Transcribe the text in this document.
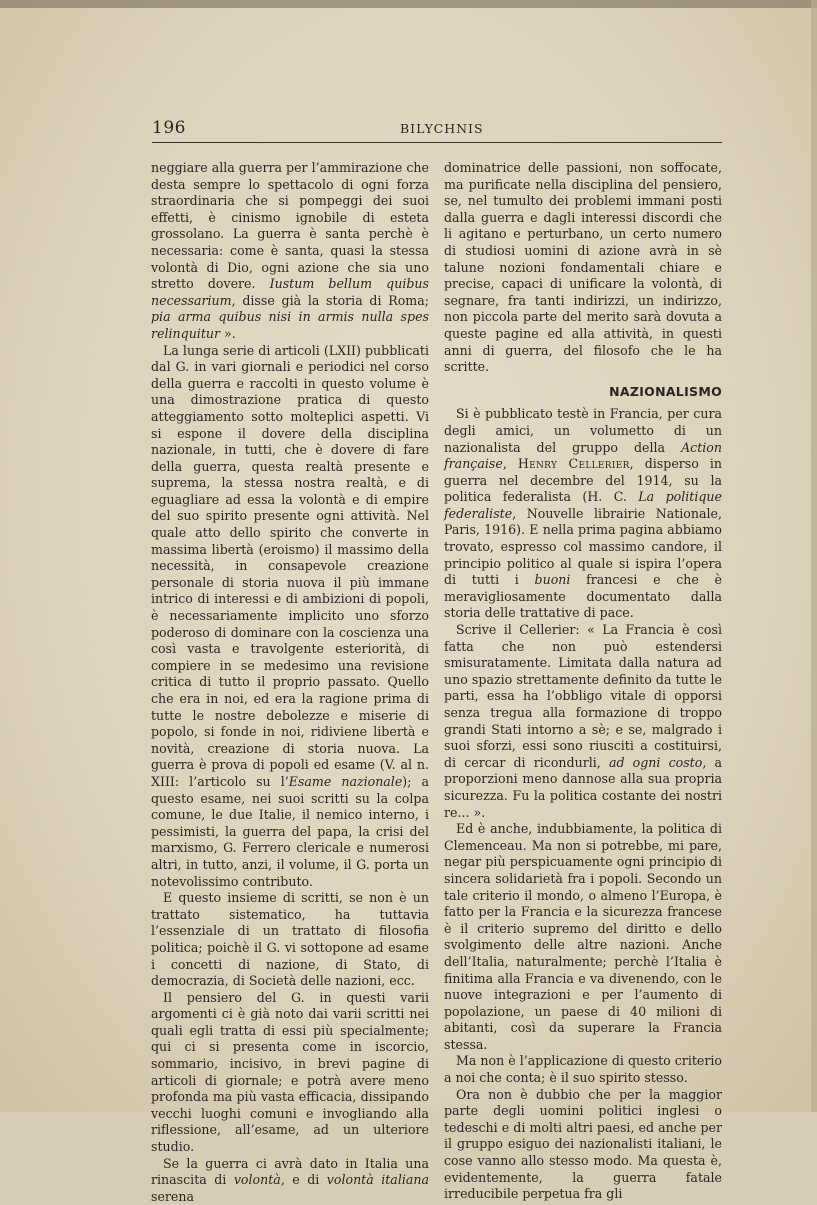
196	BILYCHNIS

neggiare alla guerra per l’ammirazione che desta sempre lo spettacolo di ogni forza straordinaria che si pompeggi dei suoi effetti, è cinismo ignobile di esteta grossolano. La guerra è santa perchè è necessaria: come è santa, quasi la stessa volontà di Dio, ogni azione che sia uno stretto dovere. Iustum bellum quibus necessarium, disse già la storia di Roma; pia arma quibus nisi in armis nulla spes relinquitur ».

La lunga serie di articoli (LXII) pubblicati dal G. in vari giornali e periodici nel corso della guerra e raccolti in questo volume è una dimostrazione pratica di questo atteggiamento sotto molteplici aspetti. Vi si espone il dovere della disciplina nazionale, in tutti, che è dovere di fare della guerra, questa realtà presente e suprema, la stessa nostra realtà, e di eguagliare ad essa la volontà e di empire del suo spirito presente ogni attività. Nel quale atto dello spirito che converte in massima libertà (eroismo) il massimo della necessità, in consapevole creazione personale di storia nuova il più immane intrico di interessi e di ambizioni di popoli, è necessariamente implicito uno sforzo poderoso di dominare con la coscienza una così vasta e travolgente esteriorità, di compiere in se medesimo una revisione critica di tutto il proprio passato. Quello che era in noi, ed era la ragione prima di tutte le nostre debolezze e miserie di popolo, si fonde in noi, ridiviene libertà e novità, creazione di storia nuova. La guerra è prova di popoli ed esame (V. al n. XIII: l’articolo su l’Esame nazionale); a questo esame, nei suoi scritti su la colpa comune, le due Italie, il nemico interno, i pessimisti, la guerra del papa, la crisi del marxismo, G. Ferrero clericale e numerosi altri, in tutto, anzi, il volume, il G. porta un notevolissimo contributo.

E questo insieme di scritti, se non è un trattato sistematico, ha tuttavia l’essenziale di un trattato di filosofia politica; poichè il G. vi sottopone ad esame i concetti di nazione, di Stato, di democrazia, di Società delle nazioni, ecc.

Il pensiero del G. in questi varii argomenti ci è già noto dai varii scritti nei quali egli tratta di essi più specialmente; qui ci si presenta come in iscorcio, sommario, incisivo, in brevi pagine di articoli di giornale; e potrà avere meno profonda ma più vasta efficacia, dissipando vecchi luoghi comuni e invogliando alla riflessione, all’esame, ad un ulteriore studio.

Se la guerra ci avrà dato in Italia una rinascita di volontà, e di volontà italiana serena

dominatrice delle passioni, non soffocate, ma purificate nella disciplina del pensiero, se, nel tumulto dei problemi immani posti dalla guerra e dagli interessi discordi che li agitano e perturbano, un certo numero di studiosi uomini di azione avrà in sè talune nozioni fondamentali chiare e precise, capaci di unificare la volontà, di segnare, fra tanti indirizzi, un indirizzo, non piccola parte del merito sarà dovuta a queste pagine ed alla attività, in questi anni di guerra, del filosofo che le ha scritte.

NAZIONALISMO

Si è pubblicato testè in Francia, per cura degli amici, un volumetto di un nazionalista del gruppo della Action française, Henry Cellerier, disperso in guerra nel decembre del 1914, su la politica federalista (H. C. La politique federaliste, Nouvelle librairie Nationale, Paris, 1916). E nella prima pagina abbiamo trovato, espresso col massimo candore, il principio politico al quale si ispira l’opera di tutti i buoni francesi e che è meravigliosamente documentato dalla storia delle trattative di pace.

Scrive il Cellerier: « La Francia è così fatta che non può estendersi smisuratamente. Limitata dalla natura ad uno spazio strettamente definito da tutte le parti, essa ha l’obbligo vitale di opporsi senza tregua alla formazione di troppo grandi Stati intorno a sè; e se, malgrado i suoi sforzi, essi sono riusciti a costituirsi, di cercar di ricondurli, ad ogni costo, a proporzioni meno dannose alla sua propria sicurezza. Fu la politica costante dei nostri re... ».

Ed è anche, indubbiamente, la politica di Clemenceau. Ma non si potrebbe, mi pare, negar più perspicuamente ogni principio di sincera solidarietà fra i popoli. Secondo un tale criterio il mondo, o almeno l’Europa, è fatto per la Francia e la sicurezza francese è il criterio supremo del diritto e dello svolgimento delle altre nazioni. Anche dell’Italia, naturalmente; perchè l’Italia è finitima alla Francia e va divenendo, con le nuove integrazioni e per l’aumento di popolazione, un paese di 40 milioni di abitanti, così da superare la Francia stessa.

Ma non è l’applicazione di questo criterio a noi che conta; è il suo spirito stesso.

Ora non è dubbio che per la maggior parte degli uomini politici inglesi o tedeschi e di molti altri paesi, ed anche per il gruppo esiguo dei nazionalisti italiani, le cose vanno allo stesso modo. Ma questa è, evidentemente, la guerra fatale irreducibile perpetua fra gli
